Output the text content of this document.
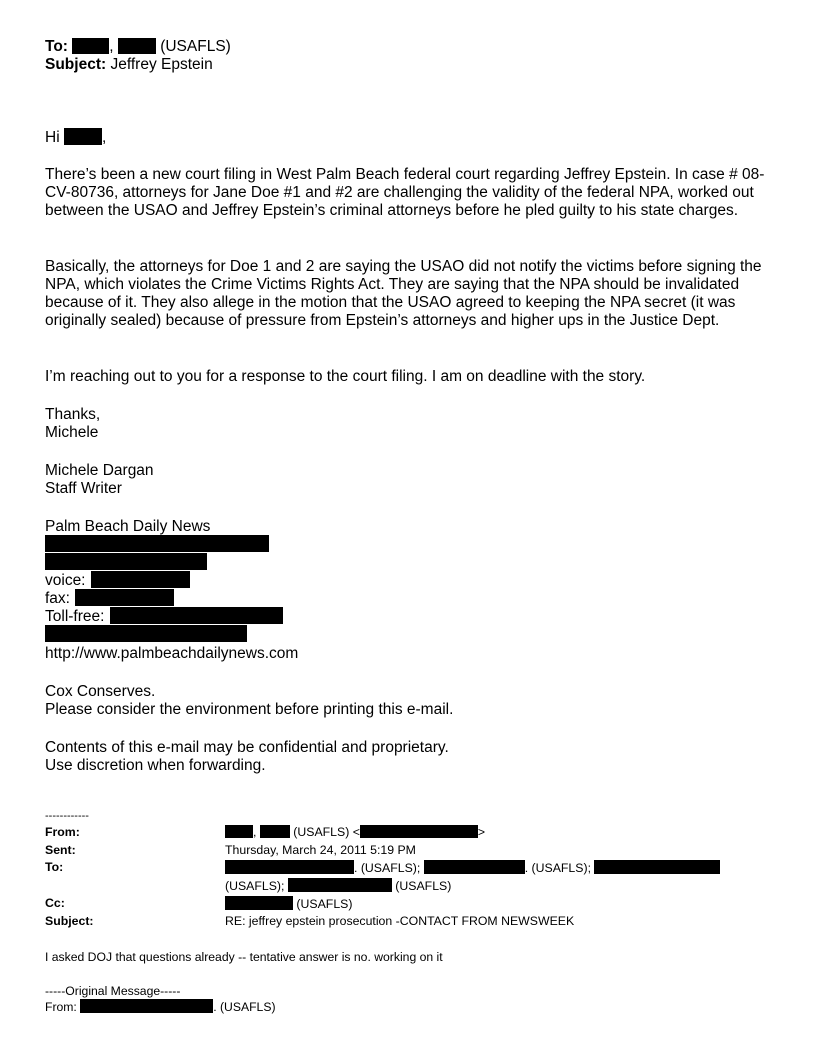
To:	,	(USAFLS)
Subject: Jeffrey Epstein
Hi	,
There’s been a new court filing in West Palm Beach federal court regarding Jeffrey Epstein. In case # 08-CV-80736, attorneys for Jane Doe #1 and #2 are challenging the validity of the federal NPA, worked out between the USAO and Jeffrey Epstein’s criminal attorneys before he pled guilty to his state charges.
Basically, the attorneys for Doe 1 and 2 are saying the USAO did not notify the victims before signing the NPA, which violates the Crime Victims Rights Act. They are saying that the NPA should be invalidated because of it. They also allege in the motion that the USAO agreed to keeping the NPA secret (it was originally sealed) because of pressure from Epstein’s attorneys and higher ups in the Justice Dept.
I’m reaching out to you for a response to the court filing. I am on deadline with the story.
Thanks,
Michele
Michele Dargan
Staff Writer
Palm Beach Daily News
voice:
fax:
Toll-free:
http://www.palmbeachdailynews.com
Cox Conserves.
Please consider the environment before printing this e-mail.
Contents of this e-mail may be confidential and proprietary.
Use discretion when forwarding.
------------
From:	,	(USAFLS) <	>
Sent:	Thursday, March 24, 2011 5:19 PM
To:	. (USAFLS);	. (USAFLS);
(USAFLS);	(USAFLS)
Cc:	(USAFLS)
Subject:	RE: jeffrey epstein prosecution -CONTACT FROM NEWSWEEK
I asked DOJ that questions already -- tentative answer is no. working on it
-----Original Message-----
From:	. (USAFLS)
